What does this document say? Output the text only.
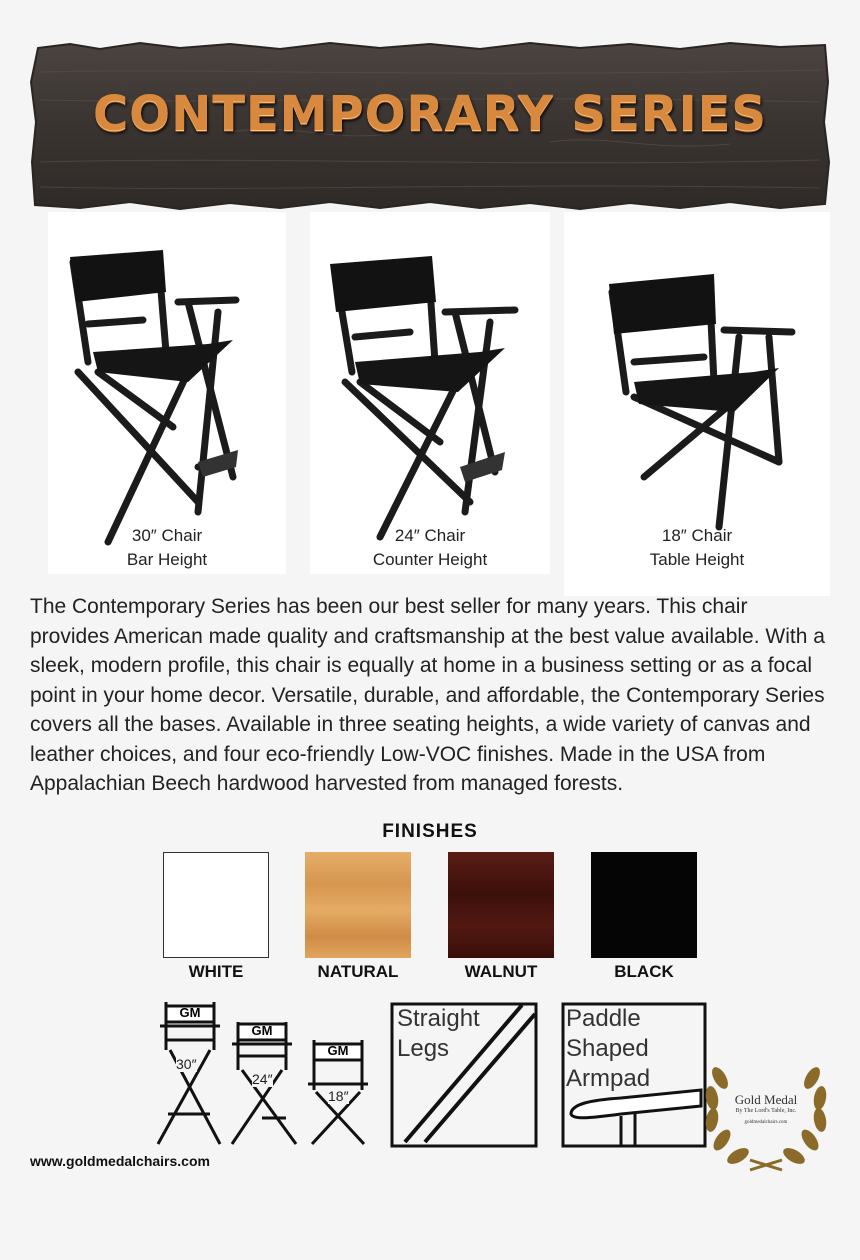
CONTEMPORARY SERIES
30″ Chair
Bar Height
24″ Chair
Counter Height
18″ Chair
Table Height

The Contemporary Series has been our best seller for many years. This chair provides American made quality and craftsmanship at the best value available. With a sleek, modern profile, this chair is equally at home in a business setting or as a focal point in your home decor. Versatile, durable, and affordable, the Contemporary Series covers all the bases. Available in three seating heights, a wide variety of canvas and leather choices, and four eco-friendly Low-VOC finishes. Made in the USA from Appalachian Beech hardwood harvested from managed forests.

FINISHES
WHITE	NATURAL	WALNUT	BLACK
GM
GM
GM
30″
24″
18″
Straight
Legs
Paddle
Shaped
Armpad
Gold Medal
By The Lord's Table, Inc.
goldmedalchairs.com
www.goldmedalchairs.com
